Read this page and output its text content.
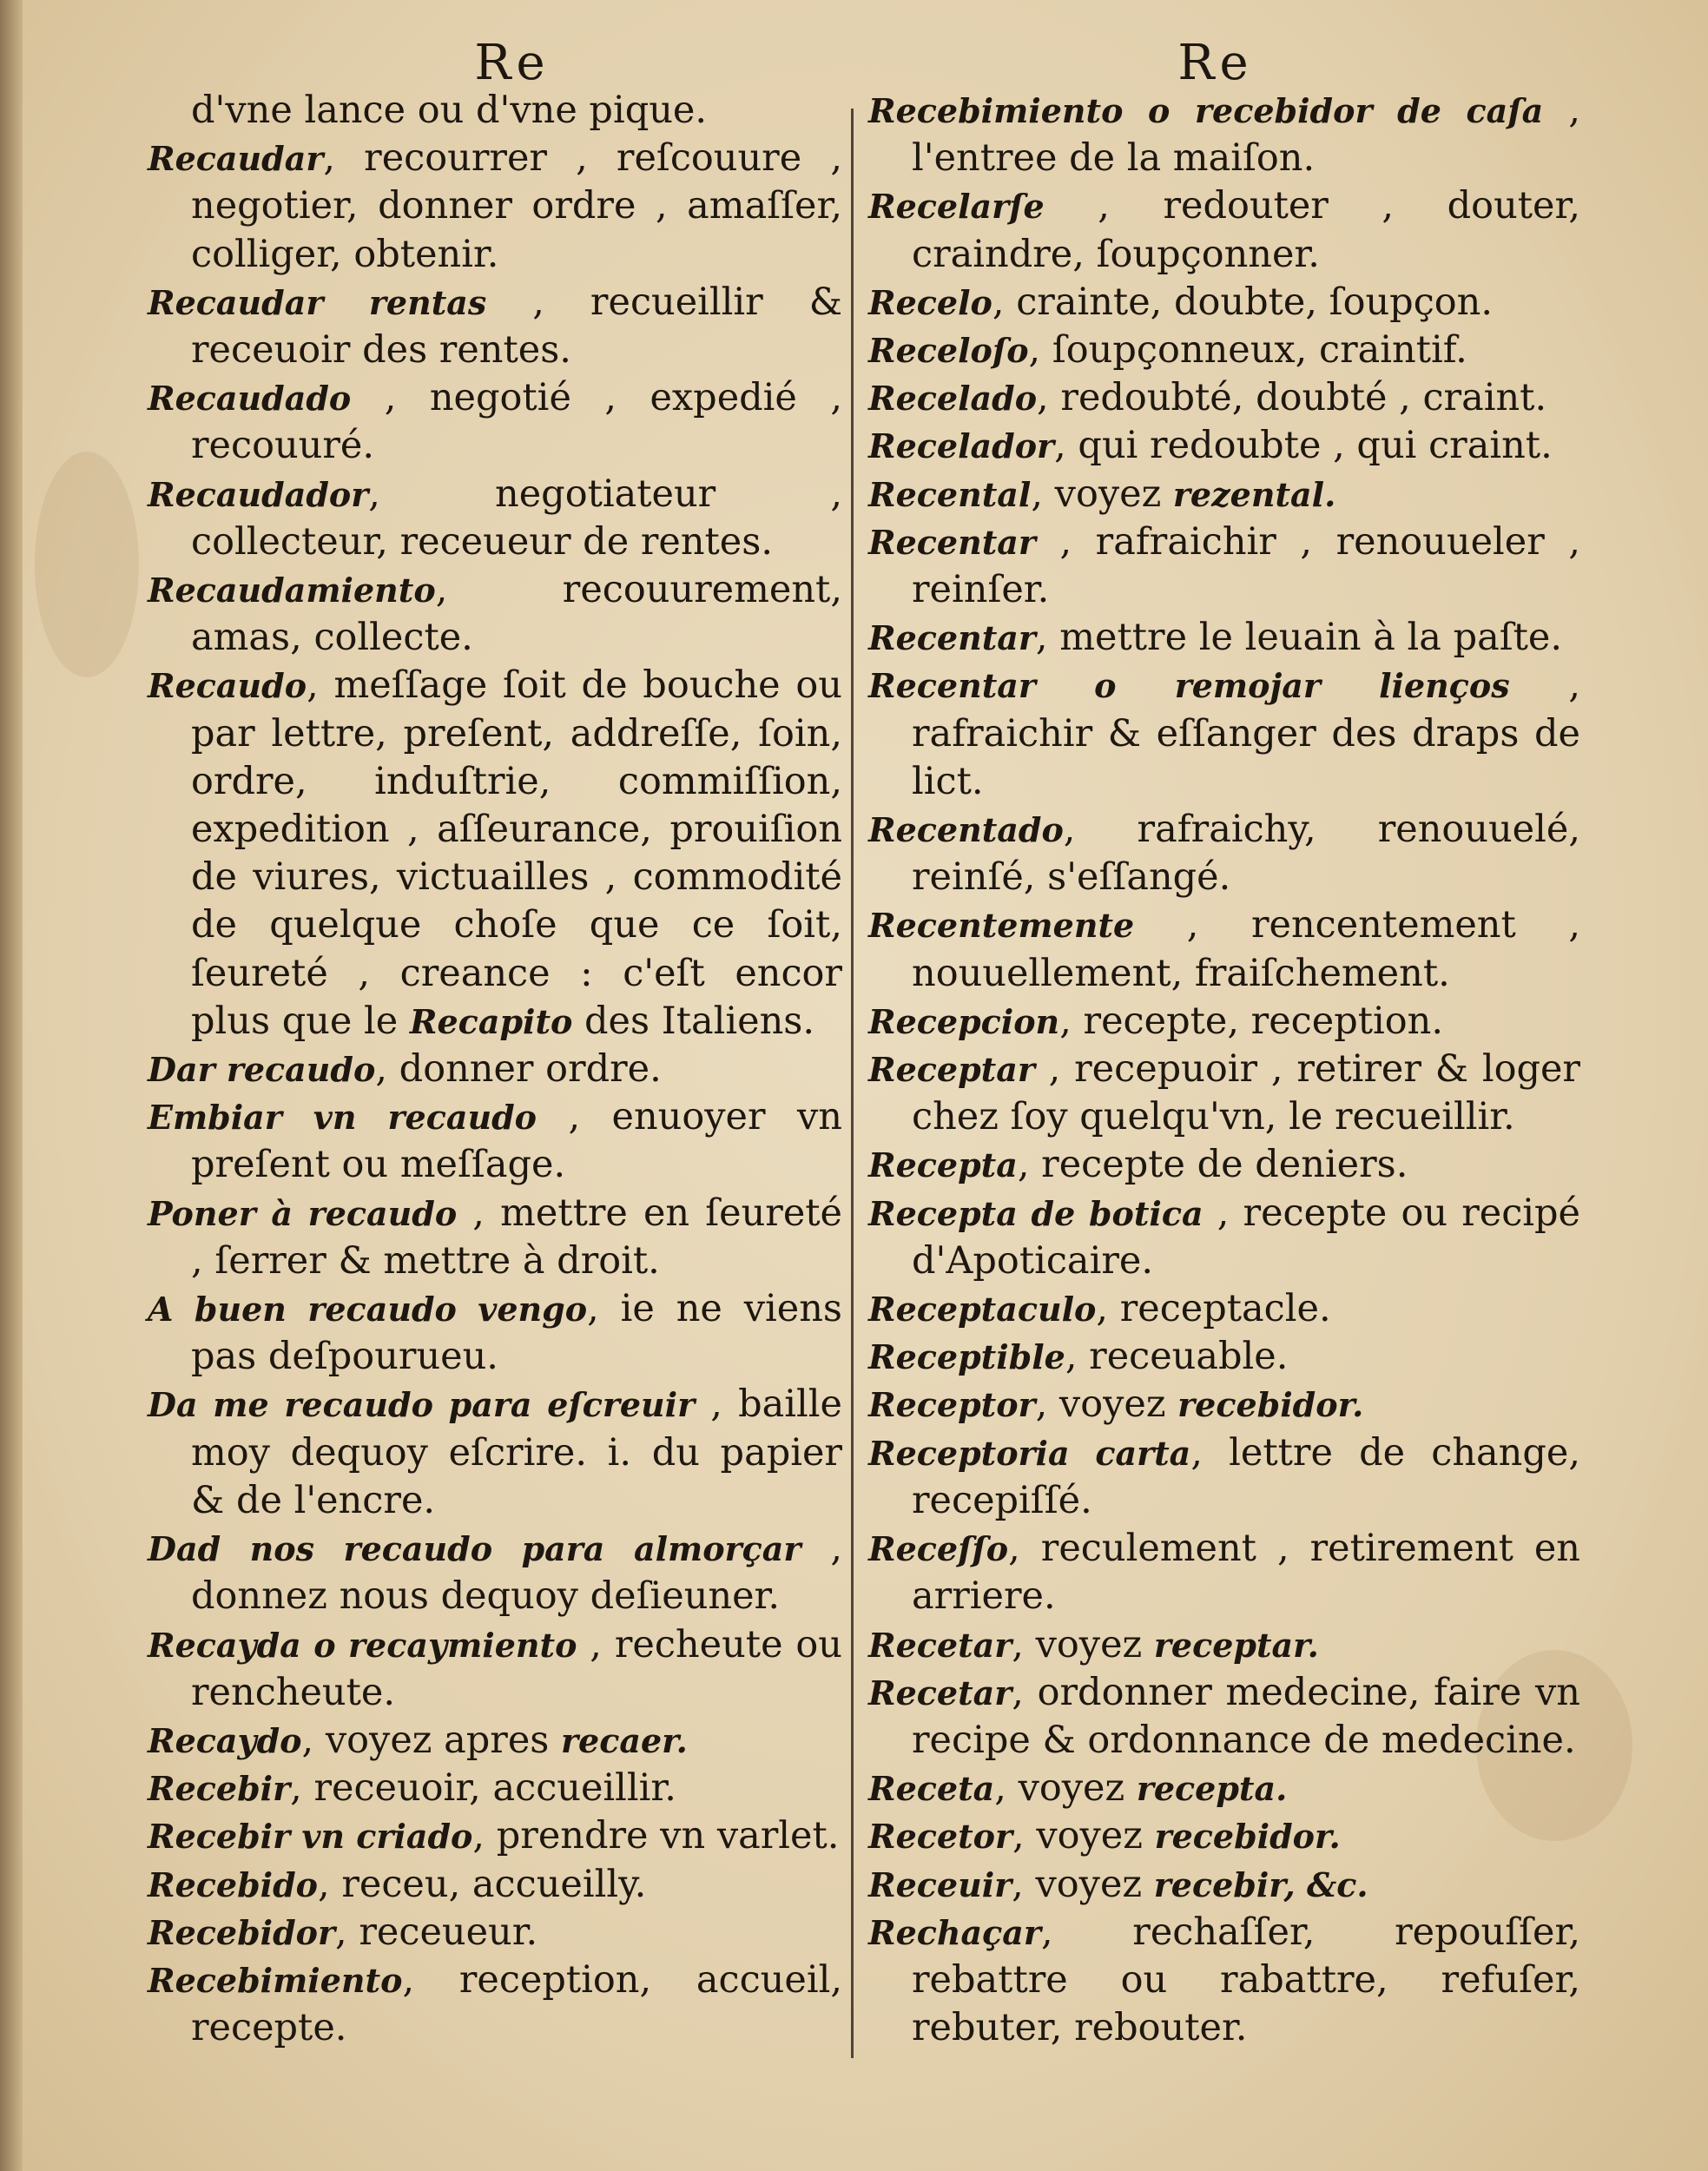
Re	Re

d'vne lance ou d'vne pique.

Recaudar, recourrer , reſcouure , negotier, donner ordre , amaſſer, colliger, obtenir.

Recaudar rentas , recueillir & receuoir des rentes.

Recaudado , negotié , expedié , recouuré.

Recaudador, negotiateur , collecteur, receueur de rentes.

Recaudamiento, recouurement, amas, collecte.

Recaudo, meſſage ſoit de bouche ou par lettre, preſent, addreſſe, ſoin, ordre, induſtrie, commiſſion, expedition , aſſeurance, prouiſion de viures, victuailles , commodité de quelque choſe que ce ſoit, ſeureté , creance : c'eſt encor plus que le Recapito des Italiens.

Dar recaudo, donner ordre.

Embiar vn recaudo , enuoyer vn preſent ou meſſage.

Poner à recaudo , mettre en ſeureté , ſerrer & mettre à droit.

A buen recaudo vengo, ie ne viens pas deſpourueu.

Da me recaudo para eſcreuir , baille moy dequoy eſcrire. i. du papier & de l'encre.

Dad nos recaudo para almorçar , donnez nous dequoy deſieuner.

Recayda o recaymiento , recheute ou rencheute.

Recaydo, voyez apres recaer.

Recebir, receuoir, accueillir.

Recebir vn criado, prendre vn varlet.

Recebido, receu, accueilly.

Recebidor, receueur.

Recebimiento, reception, accueil, recepte.

Recebimiento o recebidor de caſa , l'entree de la maiſon.

Recelarſe , redouter , douter, craindre, ſoupçonner.

Recelo, crainte, doubte, ſoupçon.

Receloſo, ſoupçonneux, craintif.

Recelado, redoubté, doubté , craint.

Recelador, qui redoubte , qui craint.

Recental, voyez rezental.

Recentar , rafraichir , renouueler , reinſer.

Recentar, mettre le leuain à la paſte.

Recentar o remojar lienços , rafraichir & eſſanger des draps de lict.

Recentado, rafraichy, renouuelé, reinſé, s'eſſangé.

Recentemente , rencentement , nouuellement, fraiſchement.

Recepcion, recepte, reception.

Receptar , recepuoir , retirer & loger chez ſoy quelqu'vn, le recueillir.

Recepta, recepte de deniers.

Recepta de botica , recepte ou recipé d'Apoticaire.

Receptaculo, receptacle.

Receptible, receuable.

Receptor, voyez recebidor.

Receptoria carta, lettre de change, recepiſſé.

Receſſo, reculement , retirement en arriere.

Recetar, voyez receptar.

Recetar, ordonner medecine, faire vn recipe & ordonnance de medecine.

Receta, voyez recepta.

Recetor, voyez recebidor.

Receuir, voyez recebir, &c.

Rechaçar, rechaſſer, repouſſer, rebattre ou rabattre, refuſer, rebuter, rebouter.
